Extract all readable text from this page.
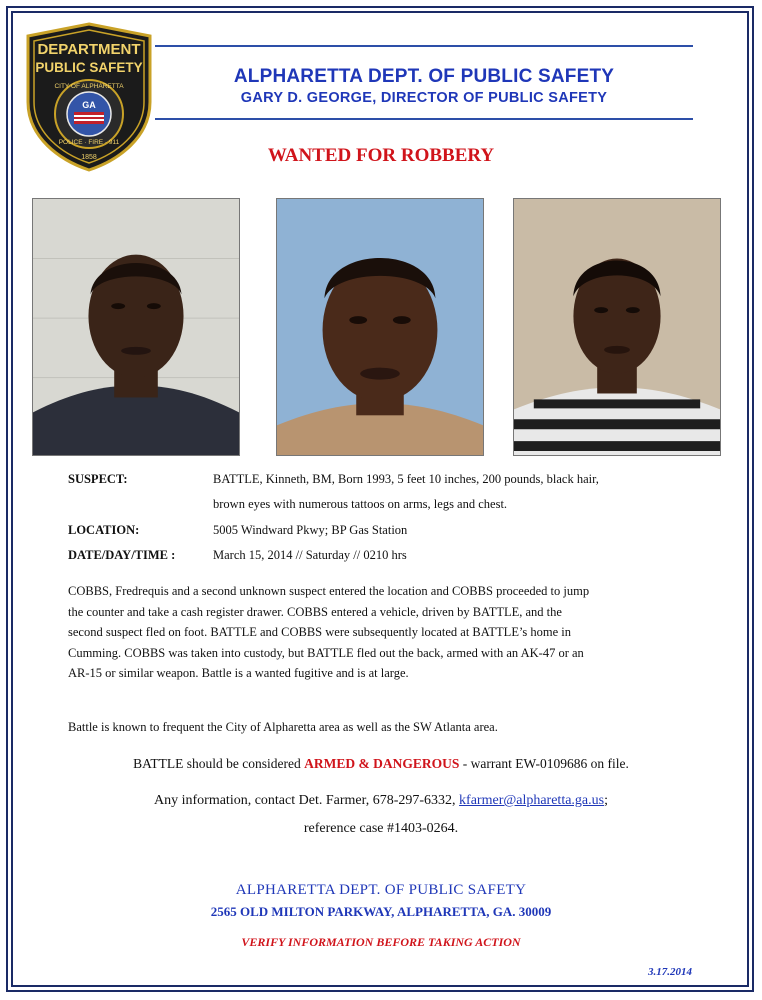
DEPARTMENT
PUBLIC SAFETY
GA
CITY OF ALPHARETTA
POLICE · FIRE · 911
1858
ALPHARETTA DEPT. OF PUBLIC SAFETY
GARY D. GEORGE, DIRECTOR OF PUBLIC SAFETY
WANTED FOR ROBBERY
SUSPECT:	BATTLE, Kinneth, BM, Born 1993, 5 feet 10 inches, 200 pounds, black hair,
brown eyes with numerous tattoos on arms, legs and chest.
LOCATION:	5005 Windward Pkwy; BP Gas Station
DATE/DAY/TIME :	March 15, 2014 // Saturday // 0210 hrs
COBBS, Fredrequis and a second unknown suspect entered the location and COBBS proceeded to jump
the counter and take a cash register drawer. COBBS entered a vehicle, driven by BATTLE, and the
second suspect fled on foot. BATTLE and COBBS were subsequently located at BATTLE’s home in
Cumming. COBBS was taken into custody, but BATTLE fled out the back, armed with an AK-47 or an
AR-15 or similar weapon. Battle is a wanted fugitive and is at large.
Battle is known to frequent the City of Alpharetta area as well as the SW Atlanta area.
BATTLE should be considered ARMED & DANGEROUS - warrant EW-0109686 on file.
Any information, contact Det. Farmer, 678-297-6332, kfarmer@alpharetta.ga.us;
reference case #1403-0264.
ALPHARETTA DEPT. OF PUBLIC SAFETY
2565 OLD MILTON PARKWAY, ALPHARETTA, GA. 30009
VERIFY INFORMATION BEFORE TAKING ACTION
3.17.2014
